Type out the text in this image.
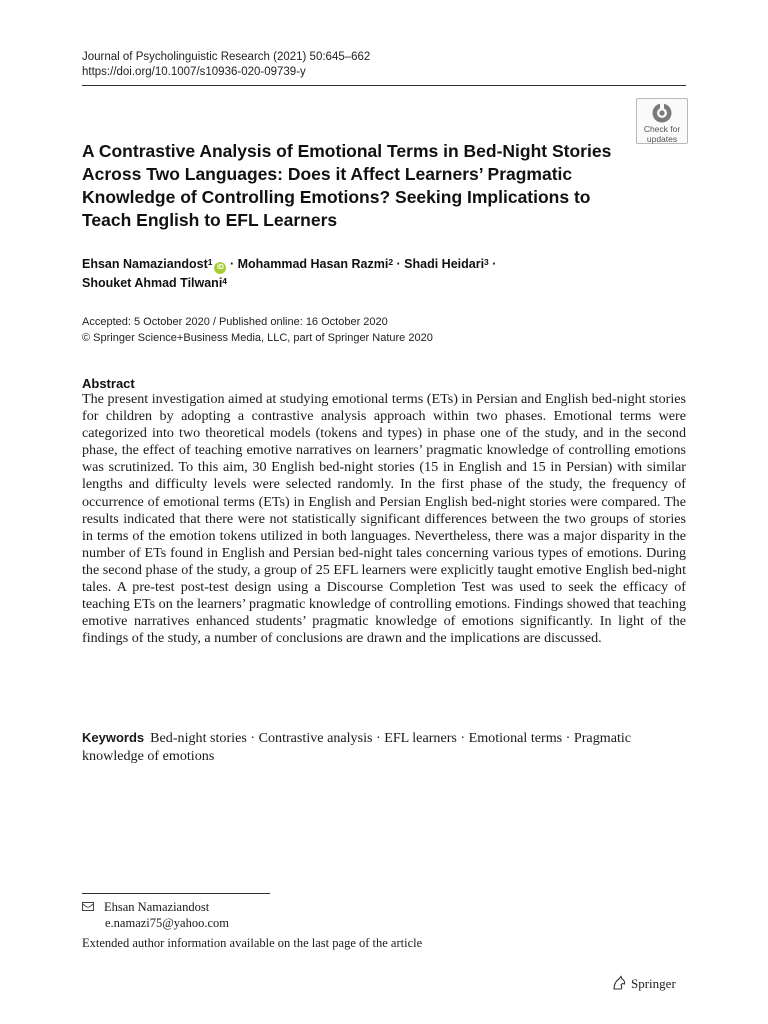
Journal of Psycholinguistic Research (2021) 50:645–662
https://doi.org/10.1007/s10936-020-09739-y
Check for
updates
A Contrastive Analysis of Emotional Terms in Bed-Night Stories Across Two Languages: Does it Affect Learners’ Pragmatic Knowledge of Controlling Emotions? Seeking Implications to Teach English to EFL Learners
Ehsan Namaziandost$^1$iD · Mohammad Hasan Razmi$^2$ · Shadi Heidari$^3$ ·
Shouket Ahmad Tilwani$^4$
Accepted: 5 October 2020 / Published online: 16 October 2020
© Springer Science+Business Media, LLC, part of Springer Nature 2020
Abstract

The present investigation aimed at studying emotional terms (ETs) in Persian and English bed-night stories for children by adopting a contrastive analysis approach within two phases. Emotional terms were categorized into two theoretical models (tokens and types) in phase one of the study, and in the second phase, the effect of teaching emotive narratives on learners’ pragmatic knowledge of controlling emotions was scrutinized. To this aim, 30 English bed-night stories (15 in English and 15 in Persian) with similar lengths and difficulty levels were selected randomly. In the first phase of the study, the frequency of occurrence of emotional terms (ETs) in English and Persian English bed-night stories were compared. The results indicated that there were not statistically significant differences between the two groups of stories in terms of the emotion tokens utilized in both languages. Nevertheless, there was a major disparity in the number of ETs found in English and Persian bed-night tales concerning various types of emotions. During the second phase of the study, a group of 25 EFL learners were explicitly taught emotive English bed-night tales. A pre-test post-test design using a Discourse Completion Test was used to seek the efficacy of teaching ETs on the learners’ pragmatic knowledge of controlling emotions. Findings showed that teaching emotive narratives enhanced students’ pragmatic knowledge of emotions significantly. In light of the findings of the study, a number of conclusions are drawn and the implications are discussed.

Keywords Bed-night stories · Contrastive analysis · EFL learners · Emotional terms · Pragmatic knowledge of emotions
Ehsan Namaziandost
e.namazi75@yahoo.com
Extended author information available on the last page of the article
Springer
